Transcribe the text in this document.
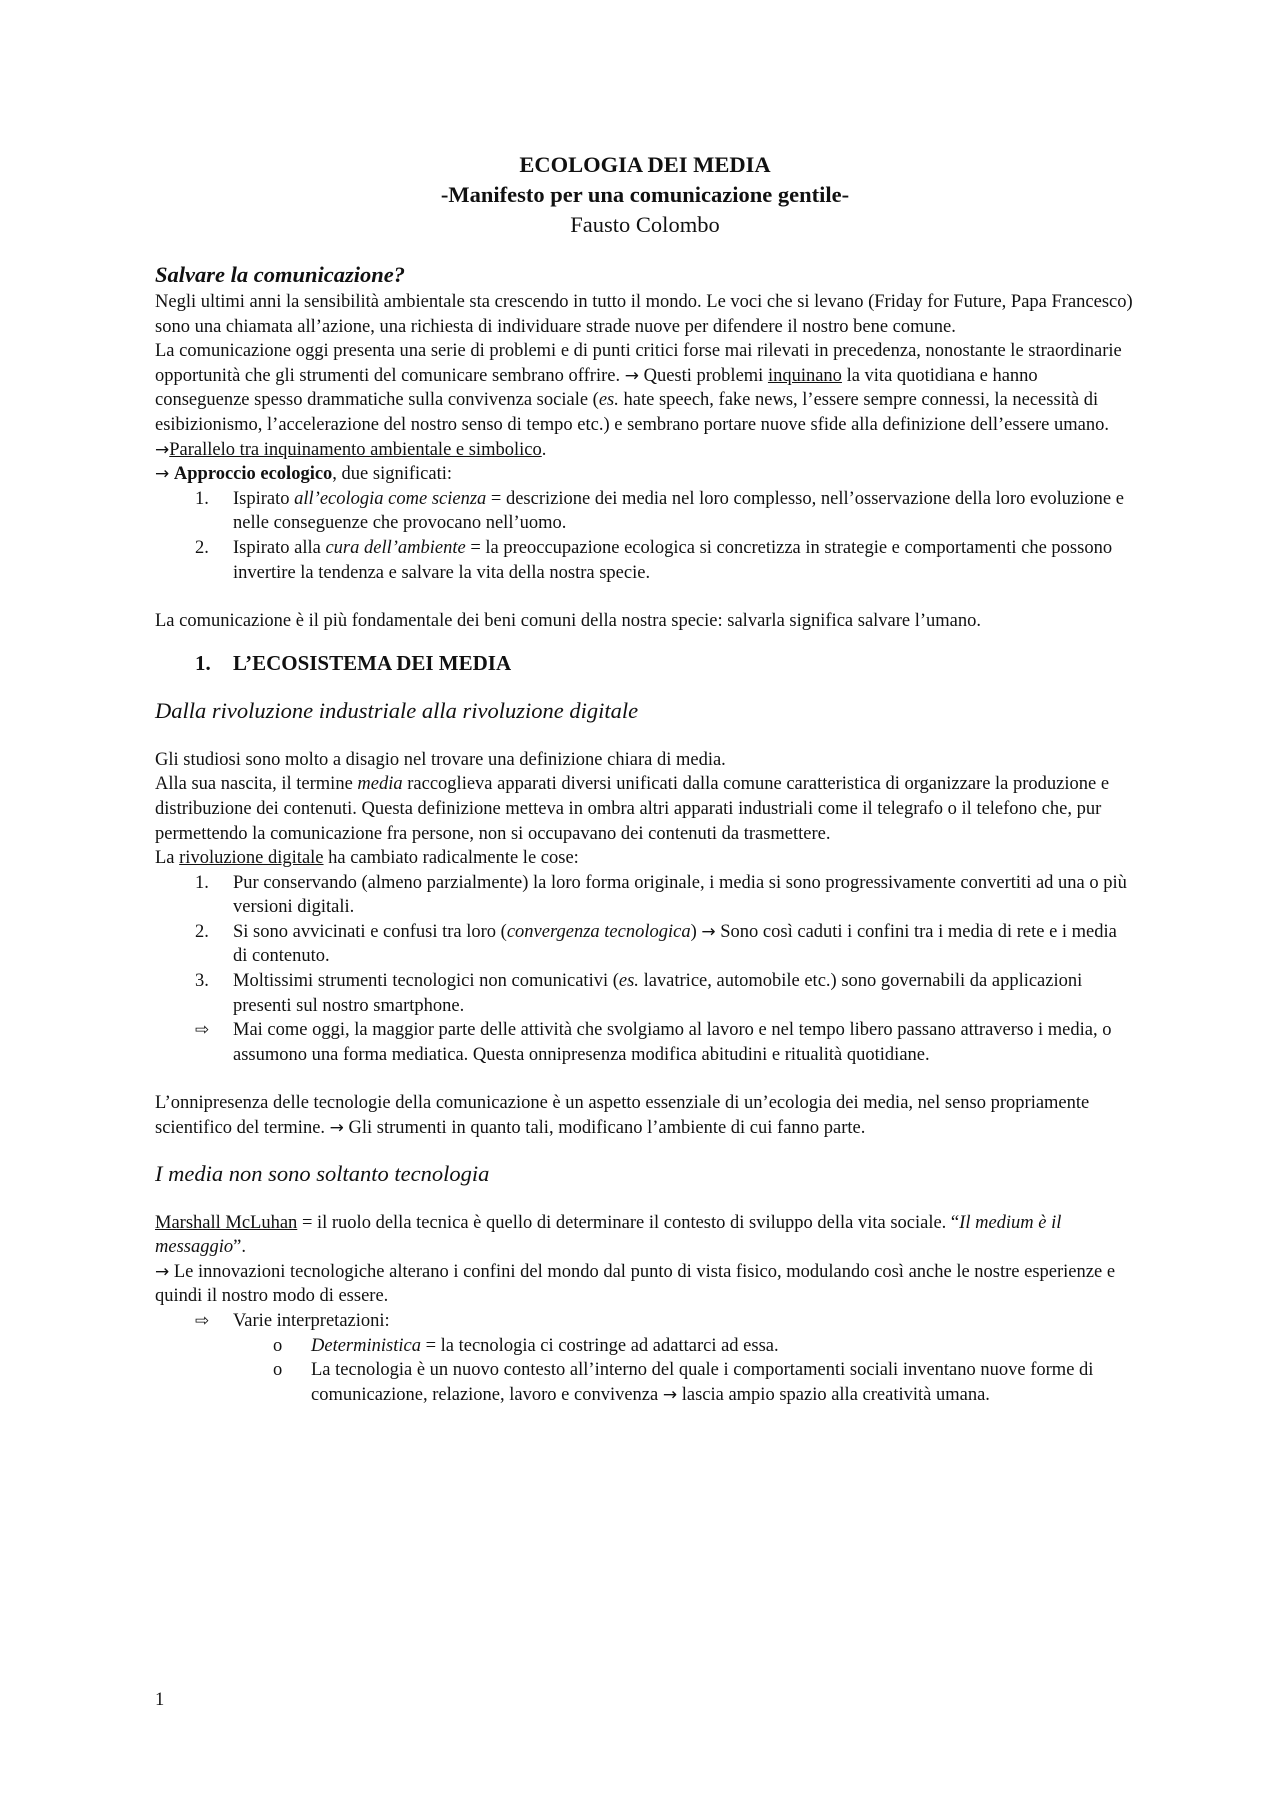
ECOLOGIA DEI MEDIA
-Manifesto per una comunicazione gentile-
Fausto Colombo
Salvare la comunicazione?

Negli ultimi anni la sensibilità ambientale sta crescendo in tutto il mondo. Le voci che si levano (Friday for Future, Papa Francesco) sono una chiamata all’azione, una richiesta di individuare strade nuove per difendere il nostro bene comune.

La comunicazione oggi presenta una serie di problemi e di punti critici forse mai rilevati in precedenza, nonostante le straordinarie opportunità che gli strumenti del comunicare sembrano offrire. → Questi problemi inquinano la vita quotidiana e hanno conseguenze spesso drammatiche sulla convivenza sociale (es. hate speech, fake news, l’essere sempre connessi, la necessità di esibizionismo, l’accelerazione del nostro senso di tempo etc.) e sembrano portare nuove sfide alla definizione dell’essere umano.

→Parallelo tra inquinamento ambientale e simbolico.

→ Approccio ecologico, due significati:

1.	Ispirato all’ecologia come scienza = descrizione dei media nel loro complesso, nell’osservazione della loro evoluzione e nelle conseguenze che provocano nell’uomo.
2.	Ispirato alla cura dell’ambiente = la preoccupazione ecologica si concretizza in strategie e comportamenti che possono invertire la tendenza e salvare la vita della nostra specie.

La comunicazione è il più fondamentale dei beni comuni della nostra specie: salvarla significa salvare l’umano.

1. L’ECOSISTEMA DEI MEDIA
Dalla rivoluzione industriale alla rivoluzione digitale

Gli studiosi sono molto a disagio nel trovare una definizione chiara di media.

Alla sua nascita, il termine media raccoglieva apparati diversi unificati dalla comune caratteristica di organizzare la produzione e distribuzione dei contenuti. Questa definizione metteva in ombra altri apparati industriali come il telegrafo o il telefono che, pur permettendo la comunicazione fra persone, non si occupavano dei contenuti da trasmettere.

La rivoluzione digitale ha cambiato radicalmente le cose:

1.	Pur conservando (almeno parzialmente) la loro forma originale, i media si sono progressivamente convertiti ad una o più versioni digitali.
2.	Si sono avvicinati e confusi tra loro (convergenza tecnologica) → Sono così caduti i confini tra i media di rete e i media di contenuto.
3.	Moltissimi strumenti tecnologici non comunicativi (es. lavatrice, automobile etc.) sono governabili da applicazioni presenti sul nostro smartphone.
⇨	Mai come oggi, la maggior parte delle attività che svolgiamo al lavoro e nel tempo libero passano attraverso i media, o assumono una forma mediatica. Questa onnipresenza modifica abitudini e ritualità quotidiane.

L’onnipresenza delle tecnologie della comunicazione è un aspetto essenziale di un’ecologia dei media, nel senso propriamente scientifico del termine. → Gli strumenti in quanto tali, modificano l’ambiente di cui fanno parte.

I media non sono soltanto tecnologia

Marshall McLuhan = il ruolo della tecnica è quello di determinare il contesto di sviluppo della vita sociale. “Il medium è il messaggio”.

→ Le innovazioni tecnologiche alterano i confini del mondo dal punto di vista fisico, modulando così anche le nostre esperienze e quindi il nostro modo di essere.

⇨	Varie interpretazioni:
o	Deterministica = la tecnologia ci costringe ad adattarci ad essa.
o	La tecnologia è un nuovo contesto all’interno del quale i comportamenti sociali inventano nuove forme di comunicazione, relazione, lavoro e convivenza → lascia ampio spazio alla creatività umana.
1
